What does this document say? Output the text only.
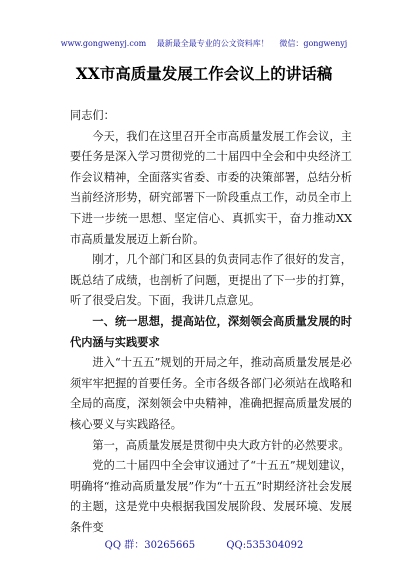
www.gongwenyj.com 最新最全最专业的公文资料库！ 微信：gongwenyj
XX市高质量发展工作会议上的讲话稿

同志们：

今天，我们在这里召开全市高质量发展工作会议，主要任务是深入学习贯彻党的二十届四中全会和中央经济工作会议精神，全面落实省委、市委的决策部署，总结分析当前经济形势，研究部署下一阶段重点工作，动员全市上下进一步统一思想、坚定信心、真抓实干，奋力推动XX市高质量发展迈上新台阶。

刚才，几个部门和区县的负责同志作了很好的发言，既总结了成绩，也剖析了问题，更提出了下一步的打算，听了很受启发。下面，我讲几点意见。

一、统一思想，提高站位，深刻领会高质量发展的时代内涵与实践要求

进入“十五五”规划的开局之年，推动高质量发展是必须牢牢把握的首要任务。全市各级各部门必须站在战略和全局的高度，深刻领会中央精神，准确把握高质量发展的核心要义与实践路径。

第一，高质量发展是贯彻中央大政方针的必然要求。

党的二十届四中全会审议通过了“十五五”规划建议，明确将“推动高质量发展”作为“十五五”时期经济社会发展的主题，这是党中央根据我国发展阶段、发展环境、发展条件变

QQ 群：30265665	QQ:535304092
